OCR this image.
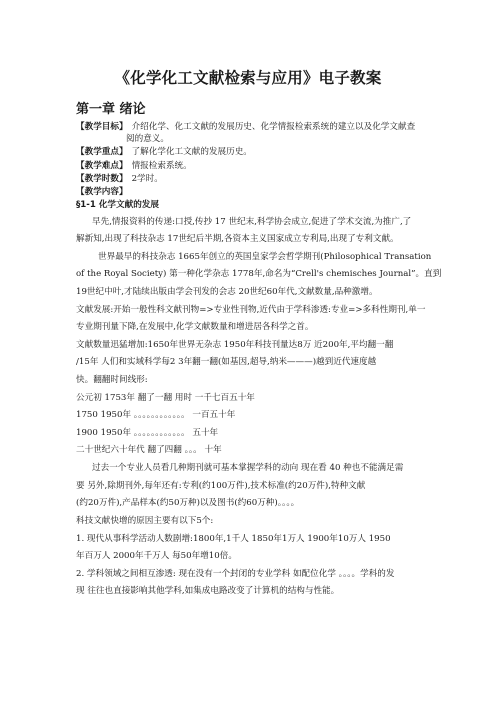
《化学化工文献检索与应用》电子教案
第一章 绪论
【教学目标】 介绍化学、化工文献的发展历史、化学情报检索系统的建立以及化学文献查
阅的意义。
【教学重点】 了解化学化工文献的发展历史。
【教学难点】 情报检索系统。
【教学时数】 2学时。
【教学内容】
§1-1 化学文献的发展
早先,情报资料的传递:口授,传抄 17 世纪末,科学协会成立,促进了学术交流,为推广,了
解新知,出现了科技杂志 17世纪后半期,各资本主义国家成立专利局,出现了专利文献。
世界最早的科技杂志 1665年创立的英国皇家学会哲学期刊(Philosophical Transation
of the Royal Society) 第一种化学杂志 1778年,命名为“Crell's chemisches Journal”。直到
19世纪中叶,才陆续出版由学会刊发的会志 20世纪60年代,文献数量,品种激增。
文献发展:开始一般性科文献刊物=>专业性刊物,近代由于学科渗透:专业=>多科性期刊,单一
专业期刊量下降,在发展中,化学文献数量和增进居各科学之首。
文献数量迅猛增加:1650年世界无杂志 1950年科技刊量达8万 近200年,平均翻一翻
/15年 人们和实域科学每2 3年翻一翻(如基因,超导,纳米———)越到近代速度越
快。翻翻时间线形:
公元初 1753年 翻了一翻 用时 一千七百五十年
1750 1950年 。。。。。。。。。。。。 一百五十年
1900 1950年 。。。。。。。。。。。。 五十年
二十世纪六十年代 翻了四翻 。。。 十年
过去一个专业人员看几种期刊就可基本掌握学科的动向 现在看 40 种也不能满足需
要 另外,除期刊外,每年还有:专利(约100万件),技术标准(约20万件),特种文献
(约20万件),产品样本(约50万种)以及图书(约60万种)。。。。
科技文献快增的原因主要有以下5个:
1. 现代从事科学活动人数剧增:1800年,1千人 1850年1万人 1900年10万人 1950
年百万人 2000年千万人 每50年增10倍。
2. 学科领域之间相互渗透: 现在没有一个封闭的专业学科 如配位化学 。。。。学科的发
现 往往也直接影响其他学科,如集成电路改变了计算机的结构与性能。
